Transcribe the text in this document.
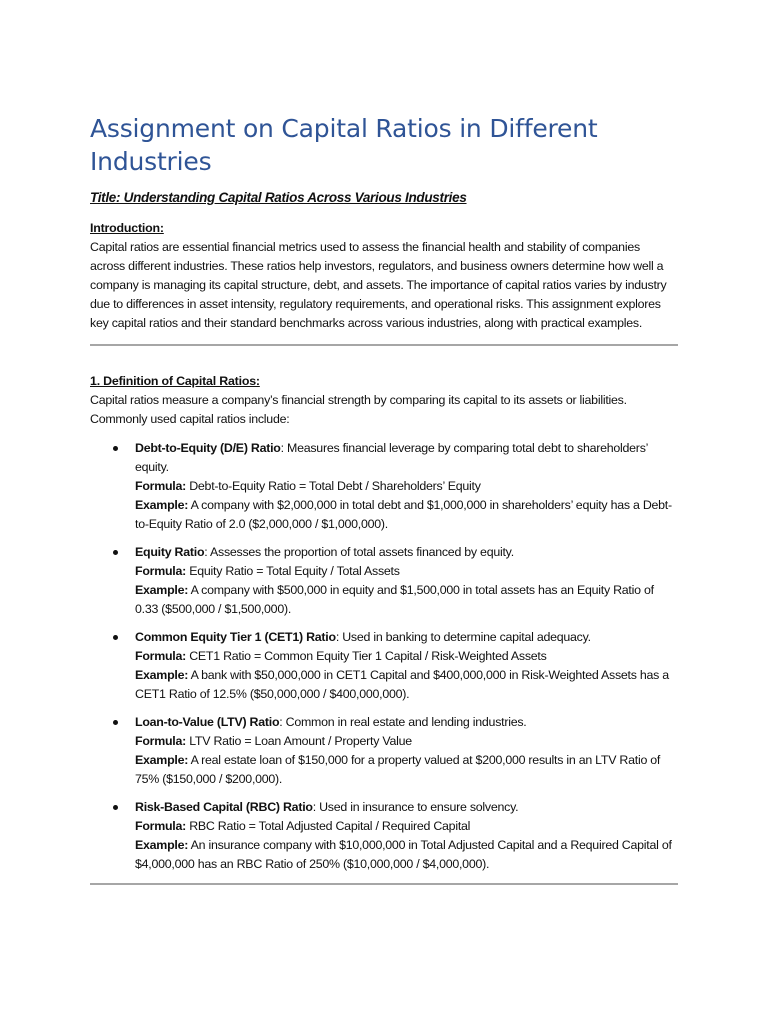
Assignment on Capital Ratios in Different Industries

Title: Understanding Capital Ratios Across Various Industries

Introduction:

Capital ratios are essential financial metrics used to assess the financial health and stability of companies across different industries. These ratios help investors, regulators, and business owners determine how well a company is managing its capital structure, debt, and assets. The importance of capital ratios varies by industry due to differences in asset intensity, regulatory requirements, and operational risks. This assignment explores key capital ratios and their standard benchmarks across various industries, along with practical examples.

1. Definition of Capital Ratios:

Capital ratios measure a company’s financial strength by comparing its capital to its assets or liabilities. Commonly used capital ratios include:

Debt-to-Equity (D/E) Ratio: Measures financial leverage by comparing total debt to shareholders’ equity.
Formula: Debt-to-Equity Ratio = Total Debt / Shareholders’ Equity
Example: A company with $2,000,000 in total debt and $1,000,000 in shareholders’ equity has a Debt-to-Equity Ratio of 2.0 ($2,000,000 / $1,000,000).
Equity Ratio: Assesses the proportion of total assets financed by equity.
Formula: Equity Ratio = Total Equity / Total Assets
Example: A company with $500,000 in equity and $1,500,000 in total assets has an Equity Ratio of 0.33 ($500,000 / $1,500,000).
Common Equity Tier 1 (CET1) Ratio: Used in banking to determine capital adequacy.
Formula: CET1 Ratio = Common Equity Tier 1 Capital / Risk-Weighted Assets
Example: A bank with $50,000,000 in CET1 Capital and $400,000,000 in Risk-Weighted Assets has a CET1 Ratio of 12.5% ($50,000,000 / $400,000,000).
Loan-to-Value (LTV) Ratio: Common in real estate and lending industries.
Formula: LTV Ratio = Loan Amount / Property Value
Example: A real estate loan of $150,000 for a property valued at $200,000 results in an LTV Ratio of 75% ($150,000 / $200,000).
Risk-Based Capital (RBC) Ratio: Used in insurance to ensure solvency.
Formula: RBC Ratio = Total Adjusted Capital / Required Capital
Example: An insurance company with $10,000,000 in Total Adjusted Capital and a Required Capital of $4,000,000 has an RBC Ratio of 250% ($10,000,000 / $4,000,000).
